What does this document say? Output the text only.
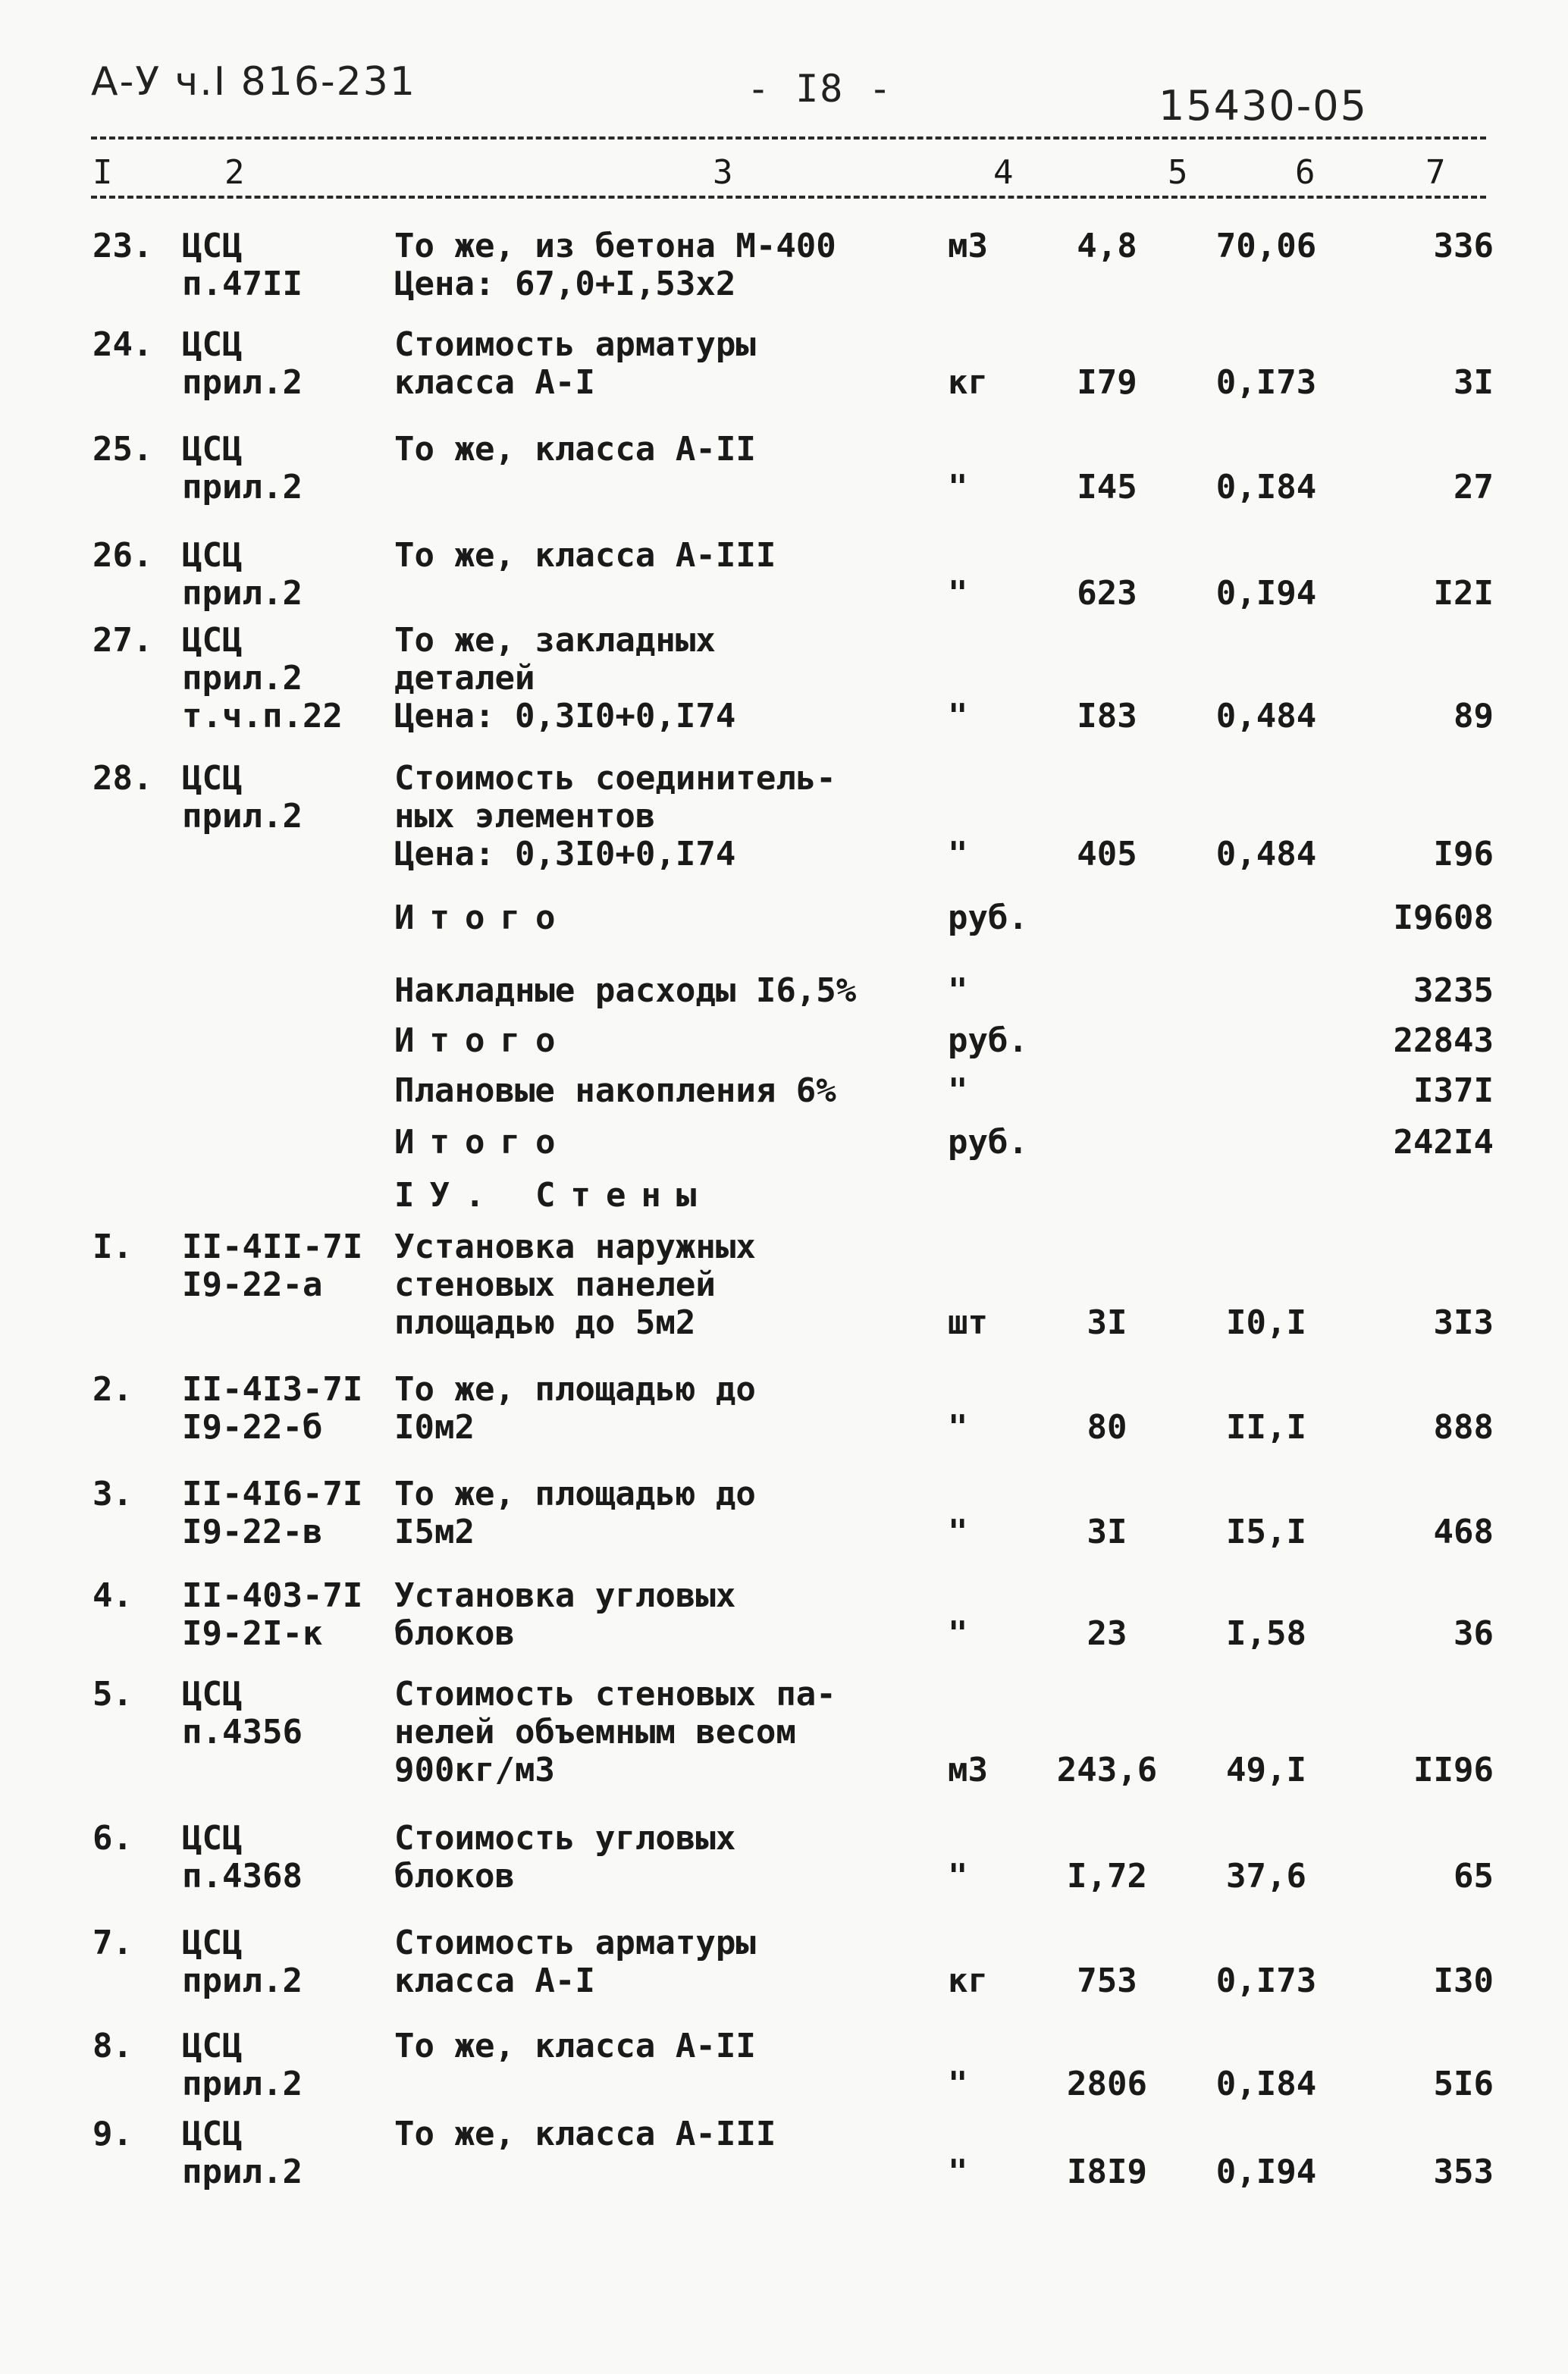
А-У ч.I 816-231	- I8 -	15430-05
I	2	3	4	5	6	7
23. ЦСЦ
п.47II
То же, из бетона М-400
Цена: 67,0+I,53х2
м3	4,8	70,06	336
24. ЦСЦ
прил.2
Стоимость арматуры
класса А-I	кг	I79	0,I73	3I
25. ЦСЦ
прил.2
То же, класса А-II
"	I45	0,I84	27
26. ЦСЦ
прил.2
То же, класса А-III
"	623	0,I94	I2I
27. ЦСЦ
прил.2
т.ч.п.22
То же, закладных
деталей
Цена: 0,3I0+0,I74	"	I83	0,484	89
28. ЦСЦ
прил.2
Стоимость соединитель-
ных элементов
Цена: 0,3I0+0,I74	"	405	0,484	I96
Итого	руб.	I9608
Накладные расходы I6,5%	"	3235
Итого	руб.	22843
Плановые накопления 6%	"	I37I
Итого	руб.	242I4
IУ. Стены
I.	II-4II-7I
I9-22-а
Установка наружных
стеновых панелей
площадью до 5м2	шт	3I	I0,I	3I3
2.	II-4I3-7I
I9-22-б
То же, площадью до
I0м2	"	80	II,I	888
3.	II-4I6-7I
I9-22-в
То же, площадью до
I5м2	"	3I	I5,I	468
4.	II-403-7I
I9-2I-к
Установка угловых
блоков	"	23	I,58	36
5.	ЦСЦ
п.4356
Стоимость стеновых па-
нелей объемным весом
900кг/м3	м3	243,6	49,I	II96
6.	ЦСЦ
п.4368
Стоимость угловых
блоков	"	I,72	37,6	65
7.	ЦСЦ
прил.2
Стоимость арматуры
класса А-I	кг	753	0,I73	I30
8.	ЦСЦ
прил.2
То же, класса А-II
"	2806	0,I84	5I6
9.	ЦСЦ
прил.2
То же, класса А-III
"	I8I9	0,I94	353
